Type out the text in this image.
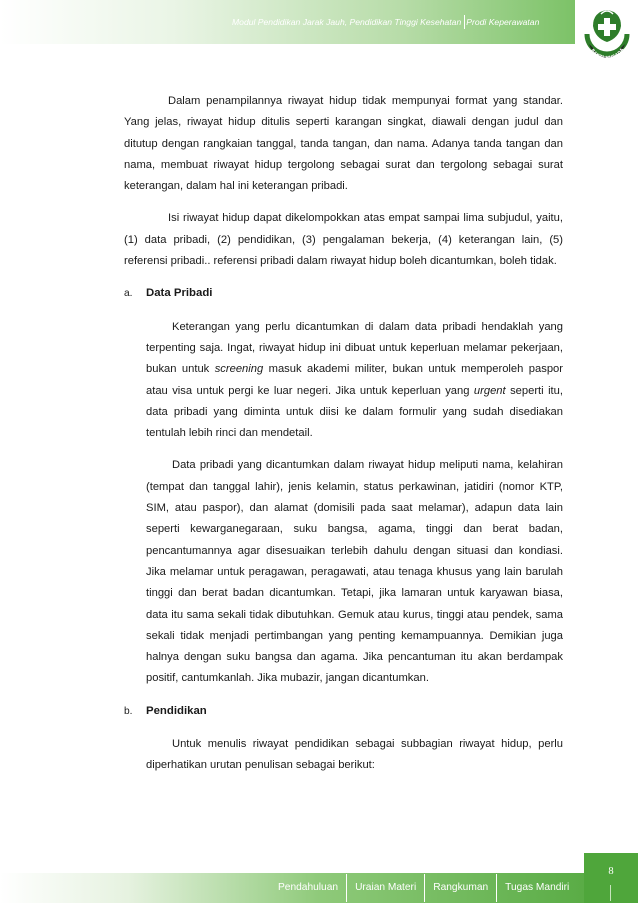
Modul Pendidikan Jarak Jauh, Pendidikan Tinggi Kesehatan Prodi Keperawatan
BAKTI HUSADA

Dalam penampilannya riwayat hidup tidak mempunyai format yang standar. Yang jelas, riwayat hidup ditulis seperti karangan singkat, diawali dengan judul dan ditutup dengan rangkaian tanggal, tanda tangan, dan nama. Adanya tanda tangan dan nama, membuat riwayat hidup tergolong sebagai surat dan tergolong sebagai surat keterangan, dalam hal ini keterangan pribadi.

Isi riwayat hidup dapat dikelompokkan atas empat sampai lima subjudul, yaitu, (1) data pribadi, (2) pendidikan, (3) pengalaman bekerja, (4) keterangan lain, (5) referensi pribadi.. referensi pribadi dalam riwayat hidup boleh dicantumkan, boleh tidak.

a. Data Pribadi

Keterangan yang perlu dicantumkan di dalam data pribadi hendaklah yang terpenting saja. Ingat, riwayat hidup ini dibuat untuk keperluan melamar pekerjaan, bukan untuk screening masuk akademi militer, bukan untuk memperoleh paspor atau visa untuk pergi ke luar negeri. Jika untuk keperluan yang urgent seperti itu, data pribadi yang diminta untuk diisi ke dalam formulir yang sudah disediakan tentulah lebih rinci dan mendetail.

Data pribadi yang dicantumkan dalam riwayat hidup meliputi nama, kelahiran (tempat dan tanggal lahir), jenis kelamin, status perkawinan, jatidiri (nomor KTP, SIM, atau paspor), dan alamat (domisili pada saat melamar), adapun data lain seperti kewarganegaraan, suku bangsa, agama, tinggi dan berat badan, pencantumannya agar disesuaikan terlebih dahulu dengan situasi dan kondiasi. Jika melamar untuk peragawan, peragawati, atau tenaga khusus yang lain barulah tinggi dan berat badan dicantumkan. Tetapi, jika lamaran untuk karyawan biasa, data itu sama sekali tidak dibutuhkan. Gemuk atau kurus, tinggi atau pendek, sama sekali tidak menjadi pertimbangan yang penting kemampuannya. Demikian juga halnya dengan suku bangsa dan agama. Jika pencantuman itu akan berdampak positif, cantumkanlah. Jika mubazir, jangan dicantumkan.

b. Pendidikan

Untuk menulis riwayat pendidikan sebagai subbagian riwayat hidup, perlu diperhatikan urutan penulisan sebagai berikut:

8
Pendahuluan	Uraian Materi	Rangkuman	Tugas Mandiri
